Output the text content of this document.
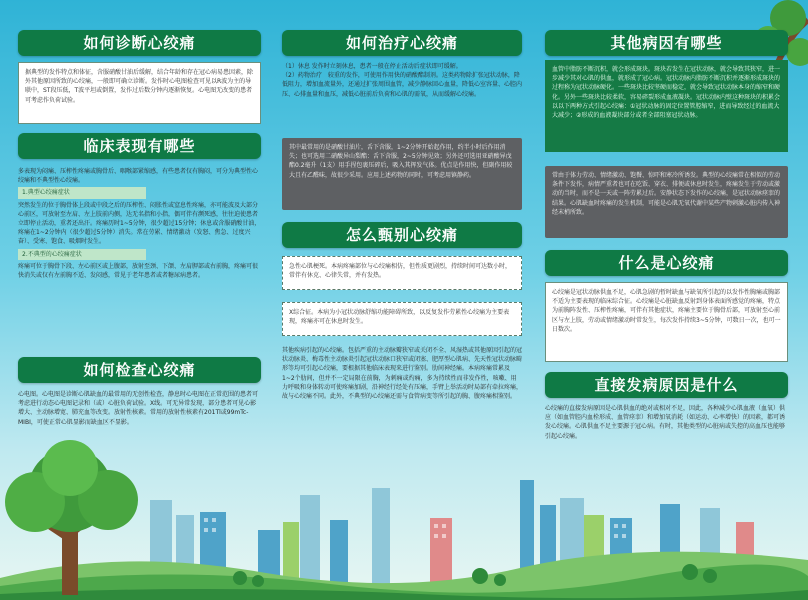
如何诊断心绞痛
据典型的发作特点和体征，含服硝酸甘油后缓解，结合年龄和存在冠心病易患因素，除外其他原因所致的心绞痛，一般即可确立诊断。发作时心电图检查可见以R波为主的导联中，ST段压低，T波平坦或倒置，发作过后数分钟内逐渐恢复。心电图无改变的患者可考虑作负荷试验。
临床表现有哪些

多表现为闷痛、压榨性疼痛或胸骨后、咽喉部紧缩感，有些患者仅有胸闷，可分为典型性心绞痛和不典型性心绞痛。

1.典型心绞痛症状

突然发生的位于胸骨体上段或中段之后的压榨性、闷胀性或窒息性疼痛，亦可能波及大部分心前区，可放射至左肩、左上肢前内侧，达无名指和小指，偶可伴有濒死感，往往迫使患者立即停止活动，重者还出汗。疼痛历时1~5分钟，很少超过15分钟；休息或含服硝酸甘油，疼痛在1~2分钟内（很少超过5分钟）消失。常在劳累、情绪激动（发怒、焦急、过度兴奋）、受寒、饱食、吸烟时发生。

2.不典型的心绞痛症状

疼痛可位于胸骨下段、左心前区或上腹部，放射至颈、下颌、左肩胛部或右前胸，疼痛可很快消失或仅有左前胸不适、发闷感，常见于老年患者或者糖尿病患者。

如何检查心绞痛

心电图。心电图是诊断心肌缺血的最常用的无创性检查，静息时心电图在正常范围的患者可考虑进行动态心电图记录和（或）心脏负荷试验。X线。可无异常发现，部分患者可见心影增大、主动脉增宽、肺充血等改变。放射性核素。常用的放射性核素有201Tl或99mTc-MIBI，可使正常心肌显影而缺血区不显影。

如何治疗心绞痛

（1）休息 发作时立刻休息，患者一般在停止活动后症状即可缓解。

（2）药物治疗　较重的发作，可使用作用快的硝酸酯制剂。这类药物除扩张冠状动脉，降低阻力，增加血流量外，还通过扩张周围血管，减少静脉回心血量，降低心室容量、心腔内压、心排血量和血压，减低心脏前后负荷和心肌的需氧，从而缓解心绞痛。

其中最常用的是硝酸甘油片，舌下含服，1~2分钟开始起作用，约半小时后作用消失；也可选用二硝酸异山梨酯：舌下含服，2~5分钟见效；另外还可选用亚硝酸异戊酯0.2毫升（1支）用手捏包裹压碎后，吸入其挥发气体。优点是作用快，但副作用较大且有乙醛味，故很少采用。应用上述药物的同时，可考虑用镇静药。
怎么甄别心绞痛
急性心肌梗死。本病疼痛部位与心绞痛相仿，但性质更剧烈，持续时间可达数小时，常伴有休克、心律失常，并有发热。
X综合征。本病为小冠状动脉舒缩功能障碍所致，以反复发作劳累性心绞痛为主要表现，疼痛亦可在休息时发生。

其他疾病引起的心绞痛。包括严重的主动脉瓣狭窄或关闭不全、风湿热或其他原因引起的冠状动脉炎、梅毒性主动脉炎引起冠状动脉口狭窄或闭塞、肥厚型心肌病、先天性冠状动脉畸形等均可引起心绞痛，要根据其他临床表现来进行鉴别。肋间神经痛。本病疼痛常累及1~2个肋间，但并不一定局限在前胸，为刺痛或灼痛，多为持续性而非发作性，咳嗽、用力呼吸和身体转动可使疼痛加剧，沿神经行经处有压痛，手臂上举活动时局部有牵拉疼痛，故与心绞痛不同。此外，不典型的心绞痛还需与食管病变等所引起的胸、腹疼痛相鉴别。

其他病因有哪些
血管中脂肪不断沉积，就会形成斑块。斑块若发生在冠状动脉，就会导致其狭窄，进一步减少其对心肌的供血，就形成了冠心病。冠状动脉内脂肪不断沉积并逐渐形成斑块的过程称为冠状动脉硬化。一些斑块比较坚硬而稳定，就会导致冠状动脉本身的缩窄和硬化。另外一些斑块比较柔软，容易碎裂形成血液凝块。冠状动脉内壁这种斑块的积累会以以下两种方式引起心绞痛：①冠状动脉的固定位置管腔缩窄，进而导致经过的血流大大减少；②形成的血液凝块部分或者全部阻塞冠状动脉。
常由于体力劳动、情绪激动、饱餐、惊吓和寒冷所诱发。典型的心绞痛常在相似的劳动条件下发作，病情严重者也可在吃饭、穿衣、排便或休息时发生，疼痛发生于劳动或激动的当时，而不是一天或一阵劳累过后。安静状态下发作的心绞痛，是冠状动脉痉挛的结果。心肌缺血时疼痛的发生机制，可能是心肌无氧代谢中某些产物刺激心脏内传入神经末梢所致。
什么是心绞痛
心绞痛是冠状动脉供血不足，心肌急剧的暂时缺血与缺氧所引起的以发作性胸痛或胸部不适为主要表现的临床综合征。心绞痛是心脏缺血反射到身体表面所感觉的疼痛，特点为前胸阵发性、压榨性疼痛，可伴有其他症状，疼痛主要位于胸骨后部，可放射至心前区与左上肢，劳动或情绪激动时常发生，每次发作持续3~5分钟，可数日一次，也可一日数次。
直接发病原因是什么

心绞痛的直接发病原因是心肌供血的绝对或相对不足，因此，各种减少心肌血液（血氧）供应（如血管腔内血栓形成、血管痉挛）和增加氧消耗（如运动、心率增快）的因素，都可诱发心绞痛。心肌供血不足主要源于冠心病。有时，其他类型的心脏病或失控的高血压也能够引起心绞痛。
